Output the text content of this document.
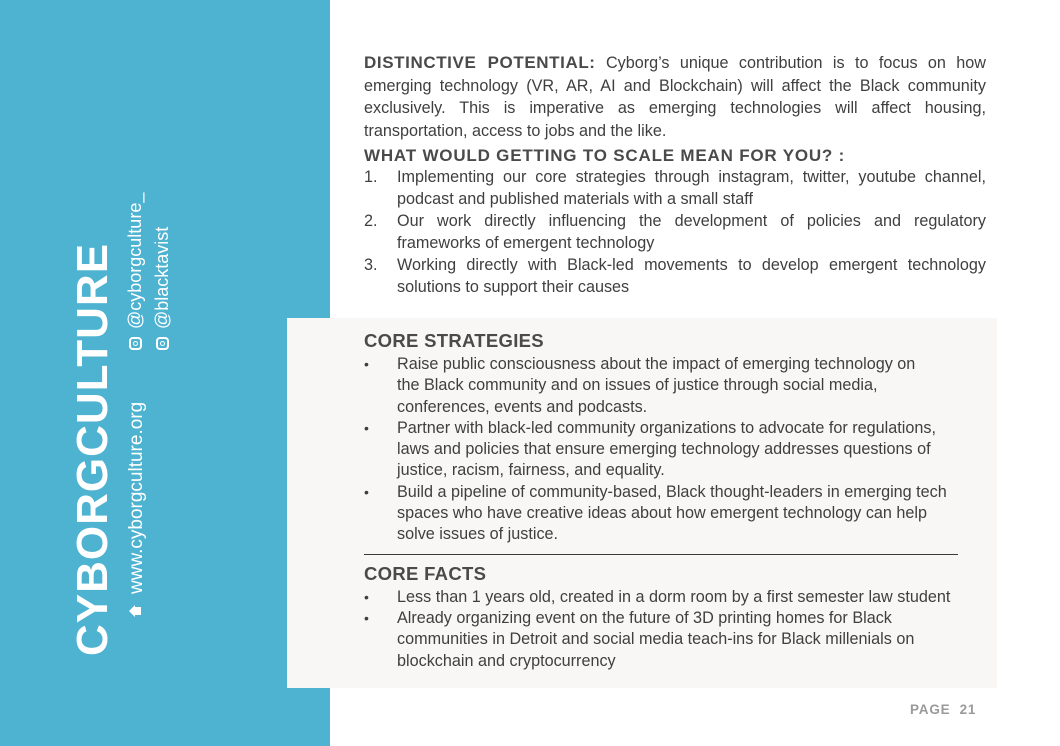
CYBORGCULTURE www.cyborgculture.org
@cyborgculture_ @blacktavist

DISTINCTIVE POTENTIAL: Cyborg’s unique contribution is to focus on how emerging technology (VR, AR, AI and Blockchain) will affect the Black community exclusively. This is imperative as emerging technologies will affect housing, transportation, access to jobs and the like.

WHAT WOULD GETTING TO SCALE MEAN FOR YOU? :
1.	Implementing our core strategies through instagram, twitter, youtube channel, podcast and published materials with a small staff
2.	Our work directly influencing the development of policies and regulatory frameworks of emergent technology
3.	Working directly with Black-led movements to develop emergent technology solutions to support their causes
CORE STRATEGIES
•	Raise public consciousness about the impact of emerging technology on the Black community and on issues of justice through social media, conferences, events and podcasts.
•	Partner with black-led community organizations to advocate for regulations, laws and policies that ensure emerging technology addresses questions of justice, racism, fairness, and equality.
•	Build a pipeline of community-based, Black thought-leaders in emerging tech spaces who have creative ideas about how emergent technology can help solve issues of justice.
CORE FACTS
•	Less than 1 years old, created in a dorm room by a first semester law student
•	Already organizing event on the future of 3D printing homes for Black communities in Detroit and social media teach-ins for Black millenials on blockchain and cryptocurrency
PAGE 21
